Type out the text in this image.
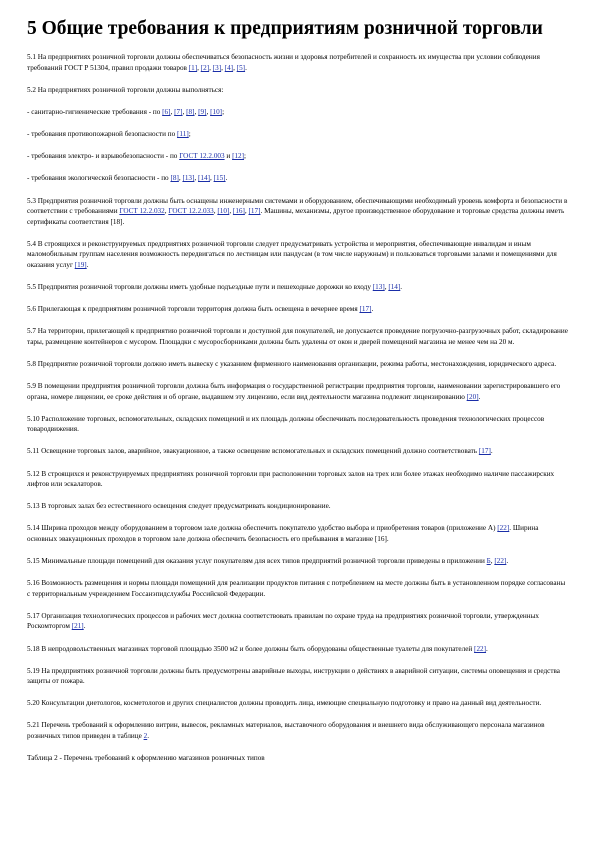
5 Общие требования к предприятиям розничной торговли

5.1 На предприятиях розничной торговли должны обеспечиваться безопасность жизни и здоровья потребителей и сохранность их имущества при условии соблюдения требований ГОСТ Р 51304, правил продажи товаров [1], [2], [3], [4], [5].

5.2 На предприятиях розничной торговли должны выполняться:

- санитарно-гигиенические требования - по [6], [7], [8], [9], [10];

- требования противопожарной безопасности по [11];

- требования электро- и взрывобезопасности - по ГОСТ 12.2.003 и [12];

- требования экологической безопасности - по [8], [13], [14], [15].

5.3 Предприятия розничной торговли должны быть оснащены инженерными системами и оборудованием, обеспечивающими необходимый уровень комфорта и безопасности в соответствии с требованиями ГОСТ 12.2.032, ГОСТ 12.2.033, [10], [16], [17]. Машины, механизмы, другое производственное оборудование и торговые средства должны иметь сертификаты соответствия [18].

5.4 В строящихся и реконструируемых предприятиях розничной торговли следует предусматривать устройства и мероприятия, обеспечивающие инвалидам и иным маломобильным группам населения возможность передвигаться по лестницам или пандусам (в том числе наружным) и пользоваться торговыми залами и помещениями для оказания услуг [19].

5.5 Предприятия розничной торговли должны иметь удобные подъездные пути и пешеходные дорожки ко входу [13], [14].

5.6 Прилегающая к предприятиям розничной торговли территория должна быть освещена в вечернее время [17].

5.7 На территории, прилегающей к предприятию розничной торговли и доступной для покупателей, не допускается проведение погрузочно-разгрузочных работ, складирование тары, размещение контейнеров с мусором. Площадки с мусоросборниками должны быть удалены от окон и дверей помещений магазина не менее чем на 20 м.

5.8 Предприятие розничной торговли должно иметь вывеску с указанием фирменного наименования организации, режима работы, местонахождения, юридического адреса.

5.9 В помещении предприятия розничной торговли должна быть информация о государственной регистрации предприятия торговли, наименовании зарегистрировавшего его органа, номере лицензии, ее сроке действия и об органе, выдавшем эту лицензию, если вид деятельности магазина подлежит лицензированию [20].

5.10 Расположение торговых, вспомогательных, складских помещений и их площадь должны обеспечивать последовательность проведения технологических процессов товародвижения.

5.11 Освещение торговых залов, аварийное, эвакуационное, а также освещение вспомогательных и складских помещений должно соответствовать [17].

5.12 В строящихся и реконструируемых предприятиях розничной торговли при расположении торговых залов на трех или более этажах необходимо наличие пассажирских лифтов или эскалаторов.

5.13 В торговых залах без естественного освещения следует предусматривать кондиционирование.

5.14 Ширина проходов между оборудованием в торговом зале должна обеспечить покупателю удобство выбора и приобретения товаров (приложение А) [22]. Ширина основных эвакуационных проходов в торговом зале должна обеспечить безопасность его пребывания в магазине [16].

5.15 Минимальные площади помещений для оказания услуг покупателям для всех типов предприятий розничной торговли приведены в приложении Б, [22].

5.16 Возможность размещения и нормы площади помещений для реализации продуктов питания с потреблением на месте должны быть в установленном порядке согласованы с территориальным учреждением Госсанэпидслужбы Российской Федерации.

5.17 Организация технологических процессов и рабочих мест должна соответствовать правилам по охране труда на предприятиях розничной торговли, утвержденных Роскомторгом [21].

5.18 В непродовольственных магазинах торговой площадью 3500 м2 и более должны быть оборудованы общественные туалеты для покупателей [22].

5.19 На предприятиях розничной торговли должны быть предусмотрены аварийные выходы, инструкции о действиях в аварийной ситуации, системы оповещения и средства защиты от пожара.

5.20 Консультации диетологов, косметологов и других специалистов должны проводить лица, имеющие специальную подготовку и право на данный вид деятельности.

5.21 Перечень требований к оформлению витрин, вывесок, рекламных материалов, выставочного оборудования и внешнего вида обслуживающего персонала магазинов розничных типов приведен в таблице 2.

Таблица 2 - Перечень требований к оформлению магазинов розничных типов
